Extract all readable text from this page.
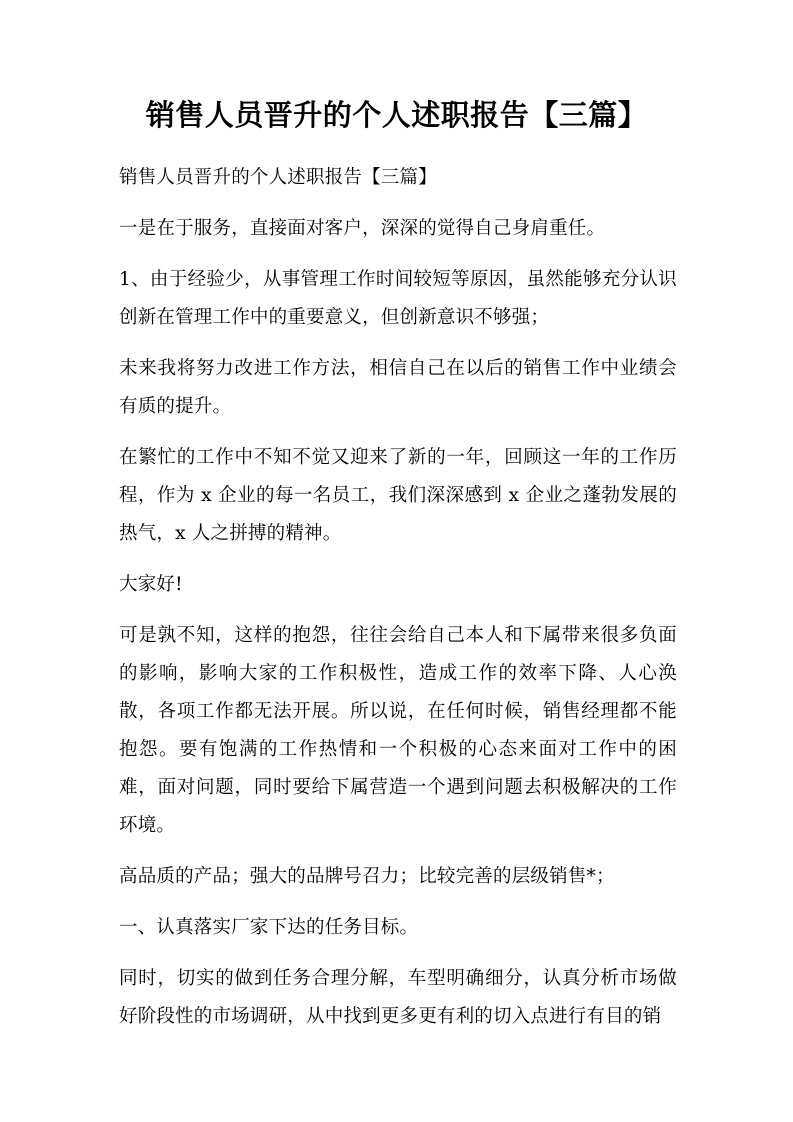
销售人员晋升的个人述职报告【三篇】

销售人员晋升的个人述职报告【三篇】

一是在于服务，直接面对客户，深深的觉得自己身肩重任。

1、由于经验少，从事管理工作时间较短等原因，虽然能够充分认识创新在管理工作中的重要意义，但创新意识不够强；

未来我将努力改进工作方法，相信自己在以后的销售工作中业绩会有质的提升。

在繁忙的工作中不知不觉又迎来了新的一年，回顾这一年的工作历程，作为 x 企业的每一名员工，我们深深感到 x 企业之蓬勃发展的热气，x 人之拼搏的精神。

大家好!

可是孰不知，这样的抱怨，往往会给自己本人和下属带来很多负面的影响，影响大家的工作积极性，造成工作的效率下降、人心涣散，各项工作都无法开展。所以说，在任何时候，销售经理都不能抱怨。要有饱满的工作热情和一个积极的心态来面对工作中的困难，面对问题，同时要给下属营造一个遇到问题去积极解决的工作环境。

高品质的产品；强大的品牌号召力；比较完善的层级销售*；

一、认真落实厂家下达的任务目标。

同时，切实的做到任务合理分解，车型明确细分，认真分析市场做好阶段性的市场调研，从中找到更多更有利的切入点进行有目的销
